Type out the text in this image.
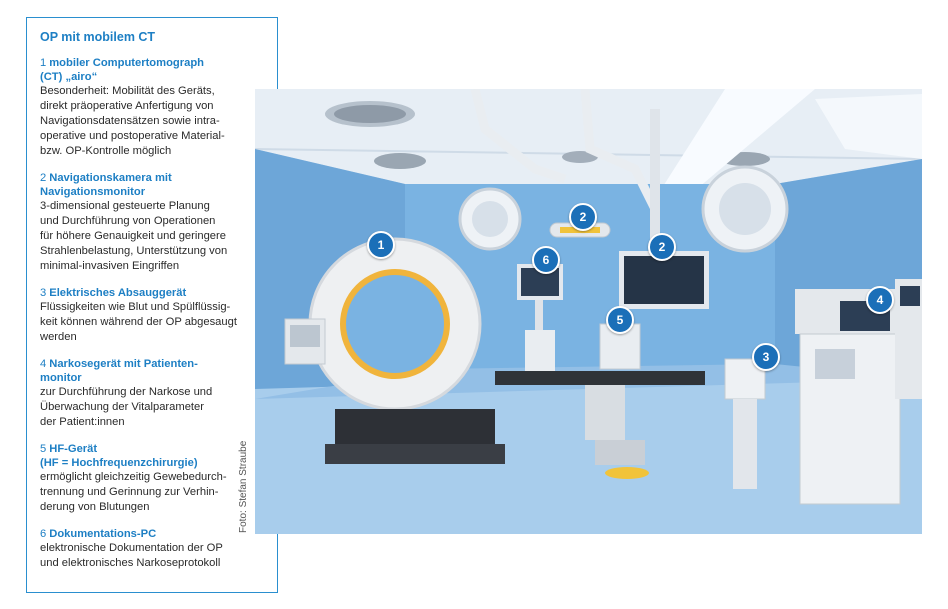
OP mit mobilem CT
1 mobiler Computertomograph
(CT) „airo“
Besonderheit: Mobilität des Geräts,
direkt präoperative Anfertigung von
Navigationsdatensätzen sowie intra-
operative und postoperative Material-
bzw. OP-Kontrolle möglich
2 Navigationskamera mit
Navigationsmonitor
3-dimensional gesteuerte Planung
und Durchführung von Operationen
für höhere Genauigkeit und geringere
Strahlenbelastung, Unterstützung von
minimal-invasiven Eingriffen
3 Elektrisches Absauggerät
Flüssigkeiten wie Blut und Spülflüssig-
keit können während der OP abgesaugt
werden
4 Narkosegerät mit Patienten-
monitor
zur Durchführung der Narkose und
Überwachung der Vitalparameter
der Patient:innen
5 HF-Gerät
(HF = Hochfrequenzchirurgie)
ermöglicht gleichzeitig Gewebedurch-
trennung und Gerinnung zur Verhin-
derung von Blutungen
6 Dokumentations-PC
elektronische Dokumentation der OP
und elektronisches Narkoseprotokoll
Foto: Stefan Straube
1
2
2
3
4
5
6
